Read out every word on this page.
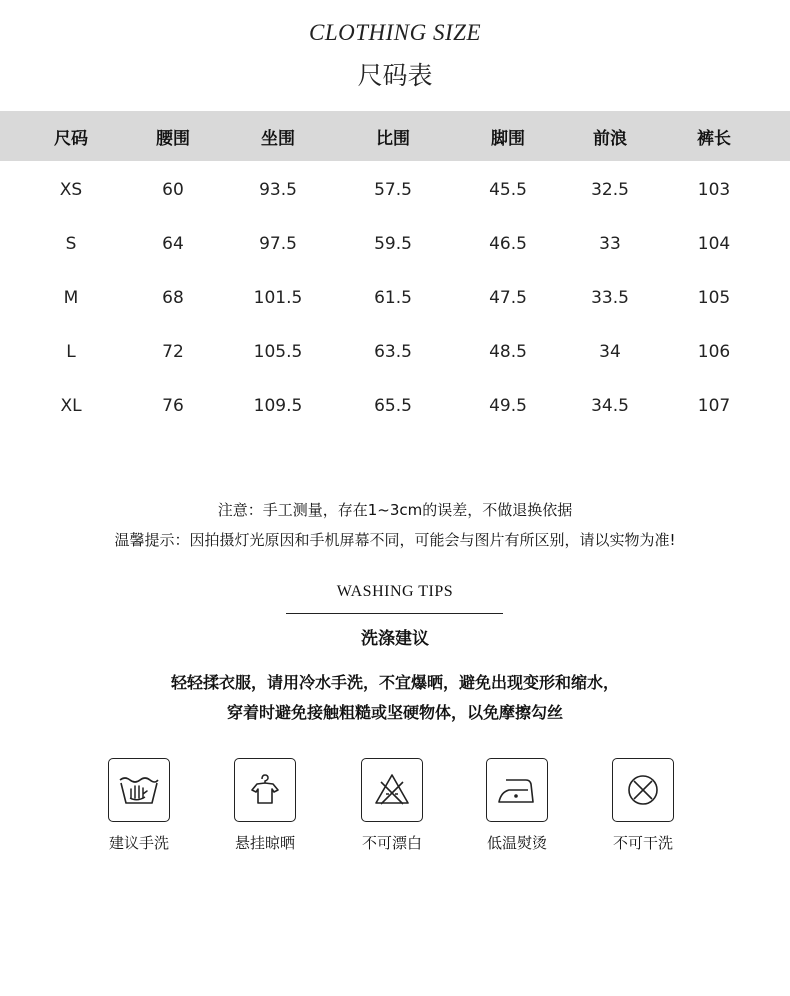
CLOTHING SIZE
尺码表
尺码	腰围	坐围	比围	脚围	前浪	裤长
XS	60	93.5	57.5	45.5	32.5	103
S	64	97.5	59.5	46.5	33	104
M	68	101.5	61.5	47.5	33.5	105
L	72	105.5	63.5	48.5	34	106
XL	76	109.5	65.5	49.5	34.5	107
注意：手工测量，存在1~3cm的误差，不做退换依据
温馨提示：因拍摄灯光原因和手机屏幕不同，可能会与图片有所区别，请以实物为准!
WASHING TIPS
洗涤建议
轻轻揉衣服，请用冷水手洗，不宜爆晒，避免出现变形和缩水，
穿着时避免接触粗糙或坚硬物体，以免摩擦勾丝
建议手洗	悬挂晾晒	不可漂白	低温熨烫	不可干洗
